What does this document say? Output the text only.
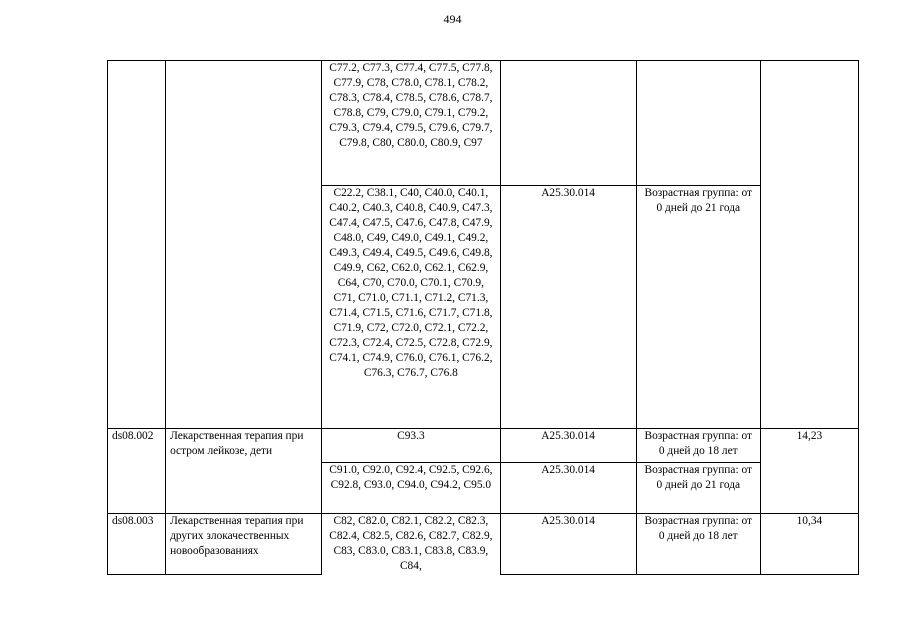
494
		C77.2, C77.3, C77.4, C77.5, C77.8, C77.9, C78, C78.0, C78.1, C78.2, C78.3, C78.4, C78.5, C78.6, C78.7, C78.8, C79, C79.0, C79.1, C79.2, C79.3, C79.4, C79.5, C79.6, C79.7, C79.8, C80, C80.0, C80.9, C97			
		C22.2, C38.1, C40, C40.0, C40.1, C40.2, C40.3, C40.8, C40.9, C47.3, C47.4, C47.5, C47.6, C47.8, C47.9, C48.0, C49, C49.0, C49.1, C49.2, C49.3, C49.4, C49.5, C49.6, C49.8, C49.9, C62, C62.0, C62.1, C62.9, C64, C70, C70.0, C70.1, C70.9, C71, C71.0, C71.1, C71.2, C71.3, C71.4, C71.5, C71.6, C71.7, C71.8, C71.9, C72, C72.0, C72.1, C72.2, C72.3, C72.4, C72.5, C72.8, C72.9, C74.1, C74.9, C76.0, C76.1, C76.2, C76.3, C76.7, C76.8	A25.30.014	Возрастная группа: от 0 дней до 21 года	
ds08.002	Лекарственная терапия при остром лейкозе, дети	C93.3	A25.30.014	Возрастная группа: от 0 дней до 18 лет	14,23
		C91.0, C92.0, C92.4, C92.5, C92.6, C92.8, C93.0, C94.0, C94.2, C95.0	A25.30.014	Возрастная группа: от 0 дней до 21 года	
ds08.003	Лекарственная терапия при других злокачественных новообразованиях	C82, C82.0, C82.1, C82.2, C82.3, C82.4, C82.5, C82.6, C82.7, C82.9, C83, C83.0, C83.1, C83.8, C83.9, C84,	A25.30.014	Возрастная группа: от 0 дней до 18 лет	10,34
